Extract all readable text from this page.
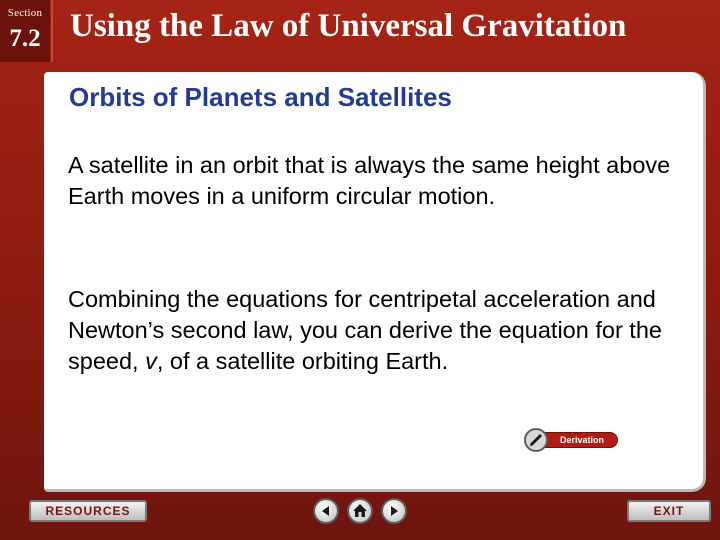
Section
7.2 Using the Law of Universal Gravitation
Orbits of Planets and Satellites

A satellite in an orbit that is always the same height above Earth moves in a uniform circular motion.

Combining the equations for centripetal acceleration and Newton’s second law, you can derive the equation for the speed, v, of a satellite orbiting Earth.

Derivation
RESOURCES	EXIT
